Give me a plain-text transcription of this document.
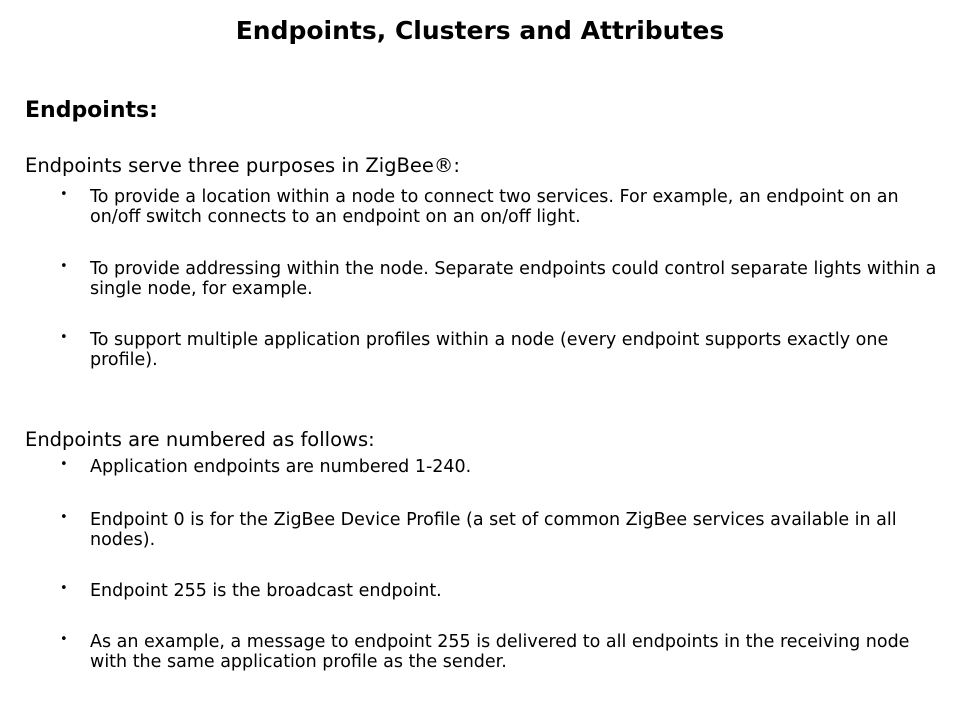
Endpoints, Clusters and Attributes
Endpoints:
Endpoints serve three purposes in ZigBee®:
• To provide a location within a node to connect two services. For example, an endpoint on an on/off switch connects to an endpoint on an on/off light.
• To provide addressing within the node. Separate endpoints could control separate lights within a single node, for example.
• To support multiple application profiles within a node (every endpoint supports exactly one profile).
Endpoints are numbered as follows:
• Application endpoints are numbered 1-240.
• Endpoint 0 is for the ZigBee Device Profile (a set of common ZigBee services available in all nodes).
• Endpoint 255 is the broadcast endpoint.
• As an example, a message to endpoint 255 is delivered to all endpoints in the receiving node with the same application profile as the sender.
